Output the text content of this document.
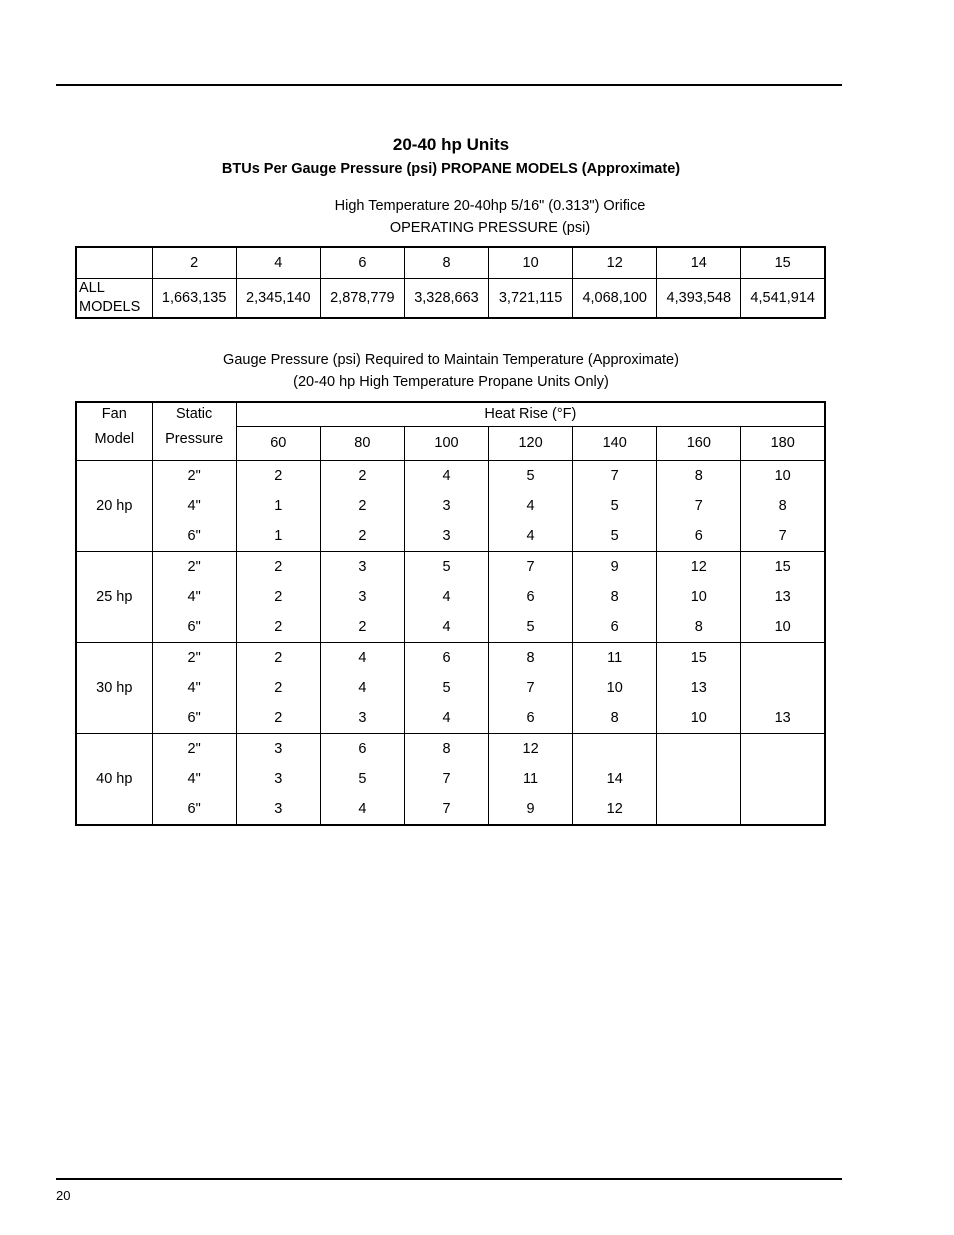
20-40 hp Units
BTUs Per Gauge Pressure (psi) PROPANE MODELS (Approximate)
High Temperature 20-40hp 5/16" (0.313") Orifice
OPERATING PRESSURE (psi)
	2	4	6	8	10	12	14	15
ALL
MODELS	1,663,135	2,345,140	2,878,779	3,328,663	3,721,115	4,068,100	4,393,548	4,541,914
Gauge Pressure (psi) Required to Maintain Temperature (Approximate)
(20-40 hp High Temperature Propane Units Only)
Fan	Static	Heat Rise (°F)						
Model	Pressure	60	80	100	120	140	160	180
20 hp	2"	2	2	4	5	7	8	10
	4"	1	2	3	4	5	7	8
	6"	1	2	3	4	5	6	7
25 hp	2"	2	3	5	7	9	12	15
	4"	2	3	4	6	8	10	13
	6"	2	2	4	5	6	8	10
30 hp	2"	2	4	6	8	11	15	
	4"	2	4	5	7	10	13	
	6"	2	3	4	6	8	10	13
40 hp	2"	3	6	8	12			
	4"	3	5	7	11	14		
	6"	3	4	7	9	12		
20
